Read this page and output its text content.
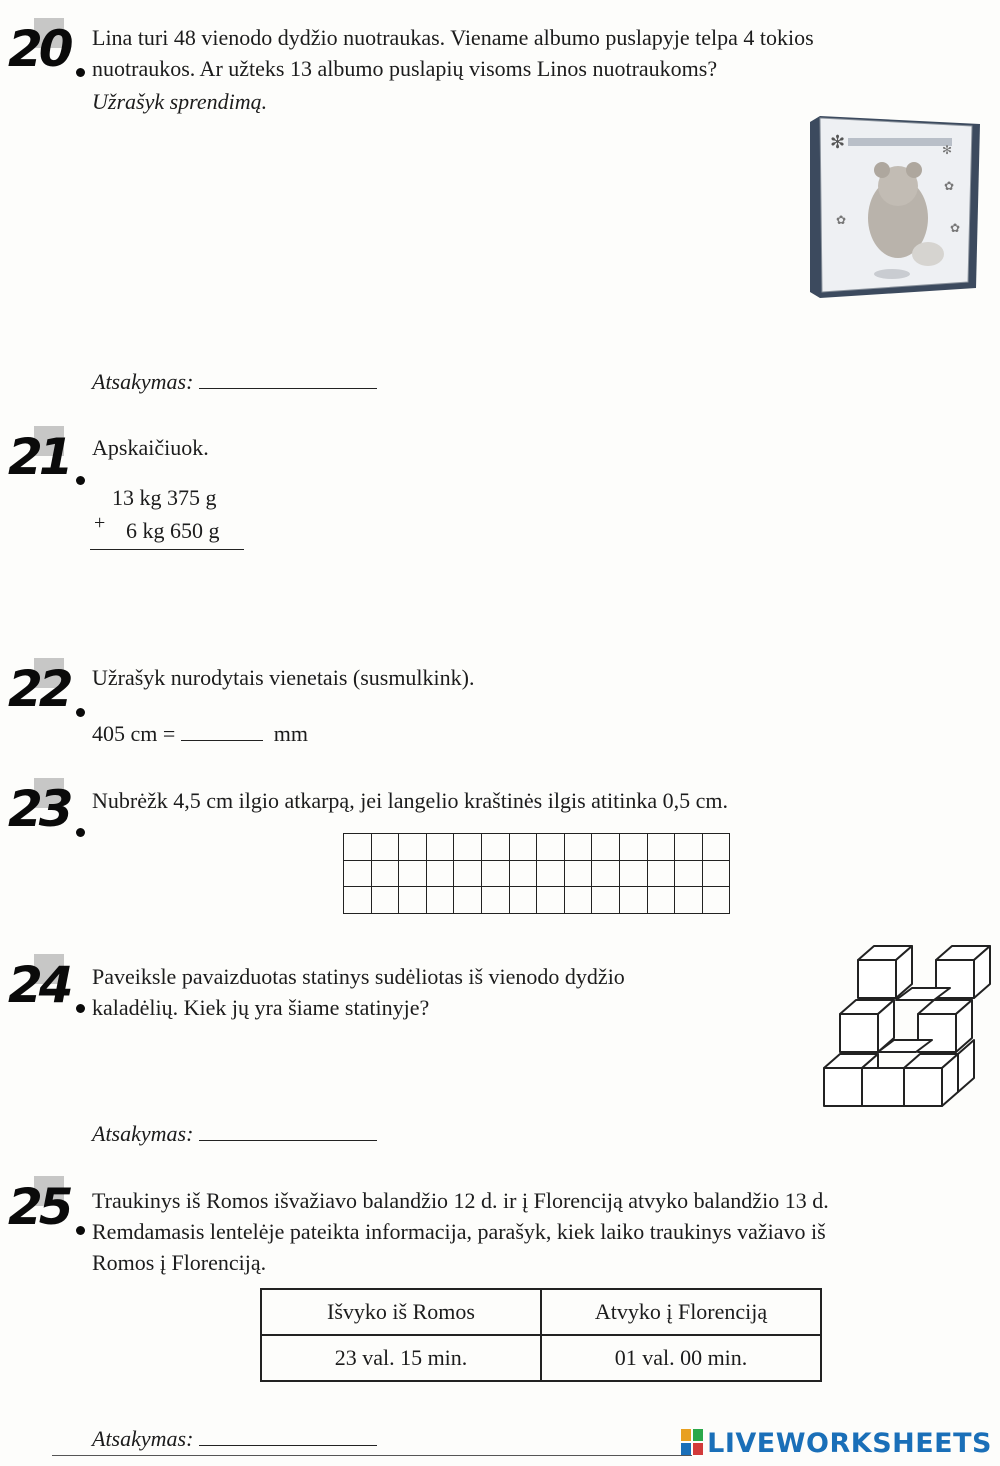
20 Lina turi 48 vienodo dydžio nuotraukas. Viename albumo puslapyje telpa 4 tokios
nuotraukos. Ar užteks 13 albumo puslapių visoms Linos nuotraukoms?
Užrašyk sprendimą.
✻	✻
✿
✿
✿
Atsakymas:
21 Apskaičiuok.
13 kg 375 g
+ 6 kg 650 g
22 Užrašyk nurodytais vienetais (susmulkink).
405 cm =	mm
23 Nubrėžk 4,5 cm ilgio atkarpą, jei langelio kraštinės ilgis atitinka 0,5 cm.

24 Paveiksle pavaizduotas statinys sudėliotas iš vienodo dydžio
kaladėlių. Kiek jų yra šiame statinyje?
Atsakymas:
25 Traukinys iš Romos išvažiavo balandžio 12 d. ir į Florenciją atvyko balandžio 13 d.
Remdamasis lentelėje pateikta informacija, parašyk, kiek laiko traukinys važiavo iš
Romos į Florenciją.
Išvyko iš Romos	Atvyko į Florenciją
23 val. 15 min.	01 val. 00 min.
Atsakymas:	LIVEWORKSHEETS
